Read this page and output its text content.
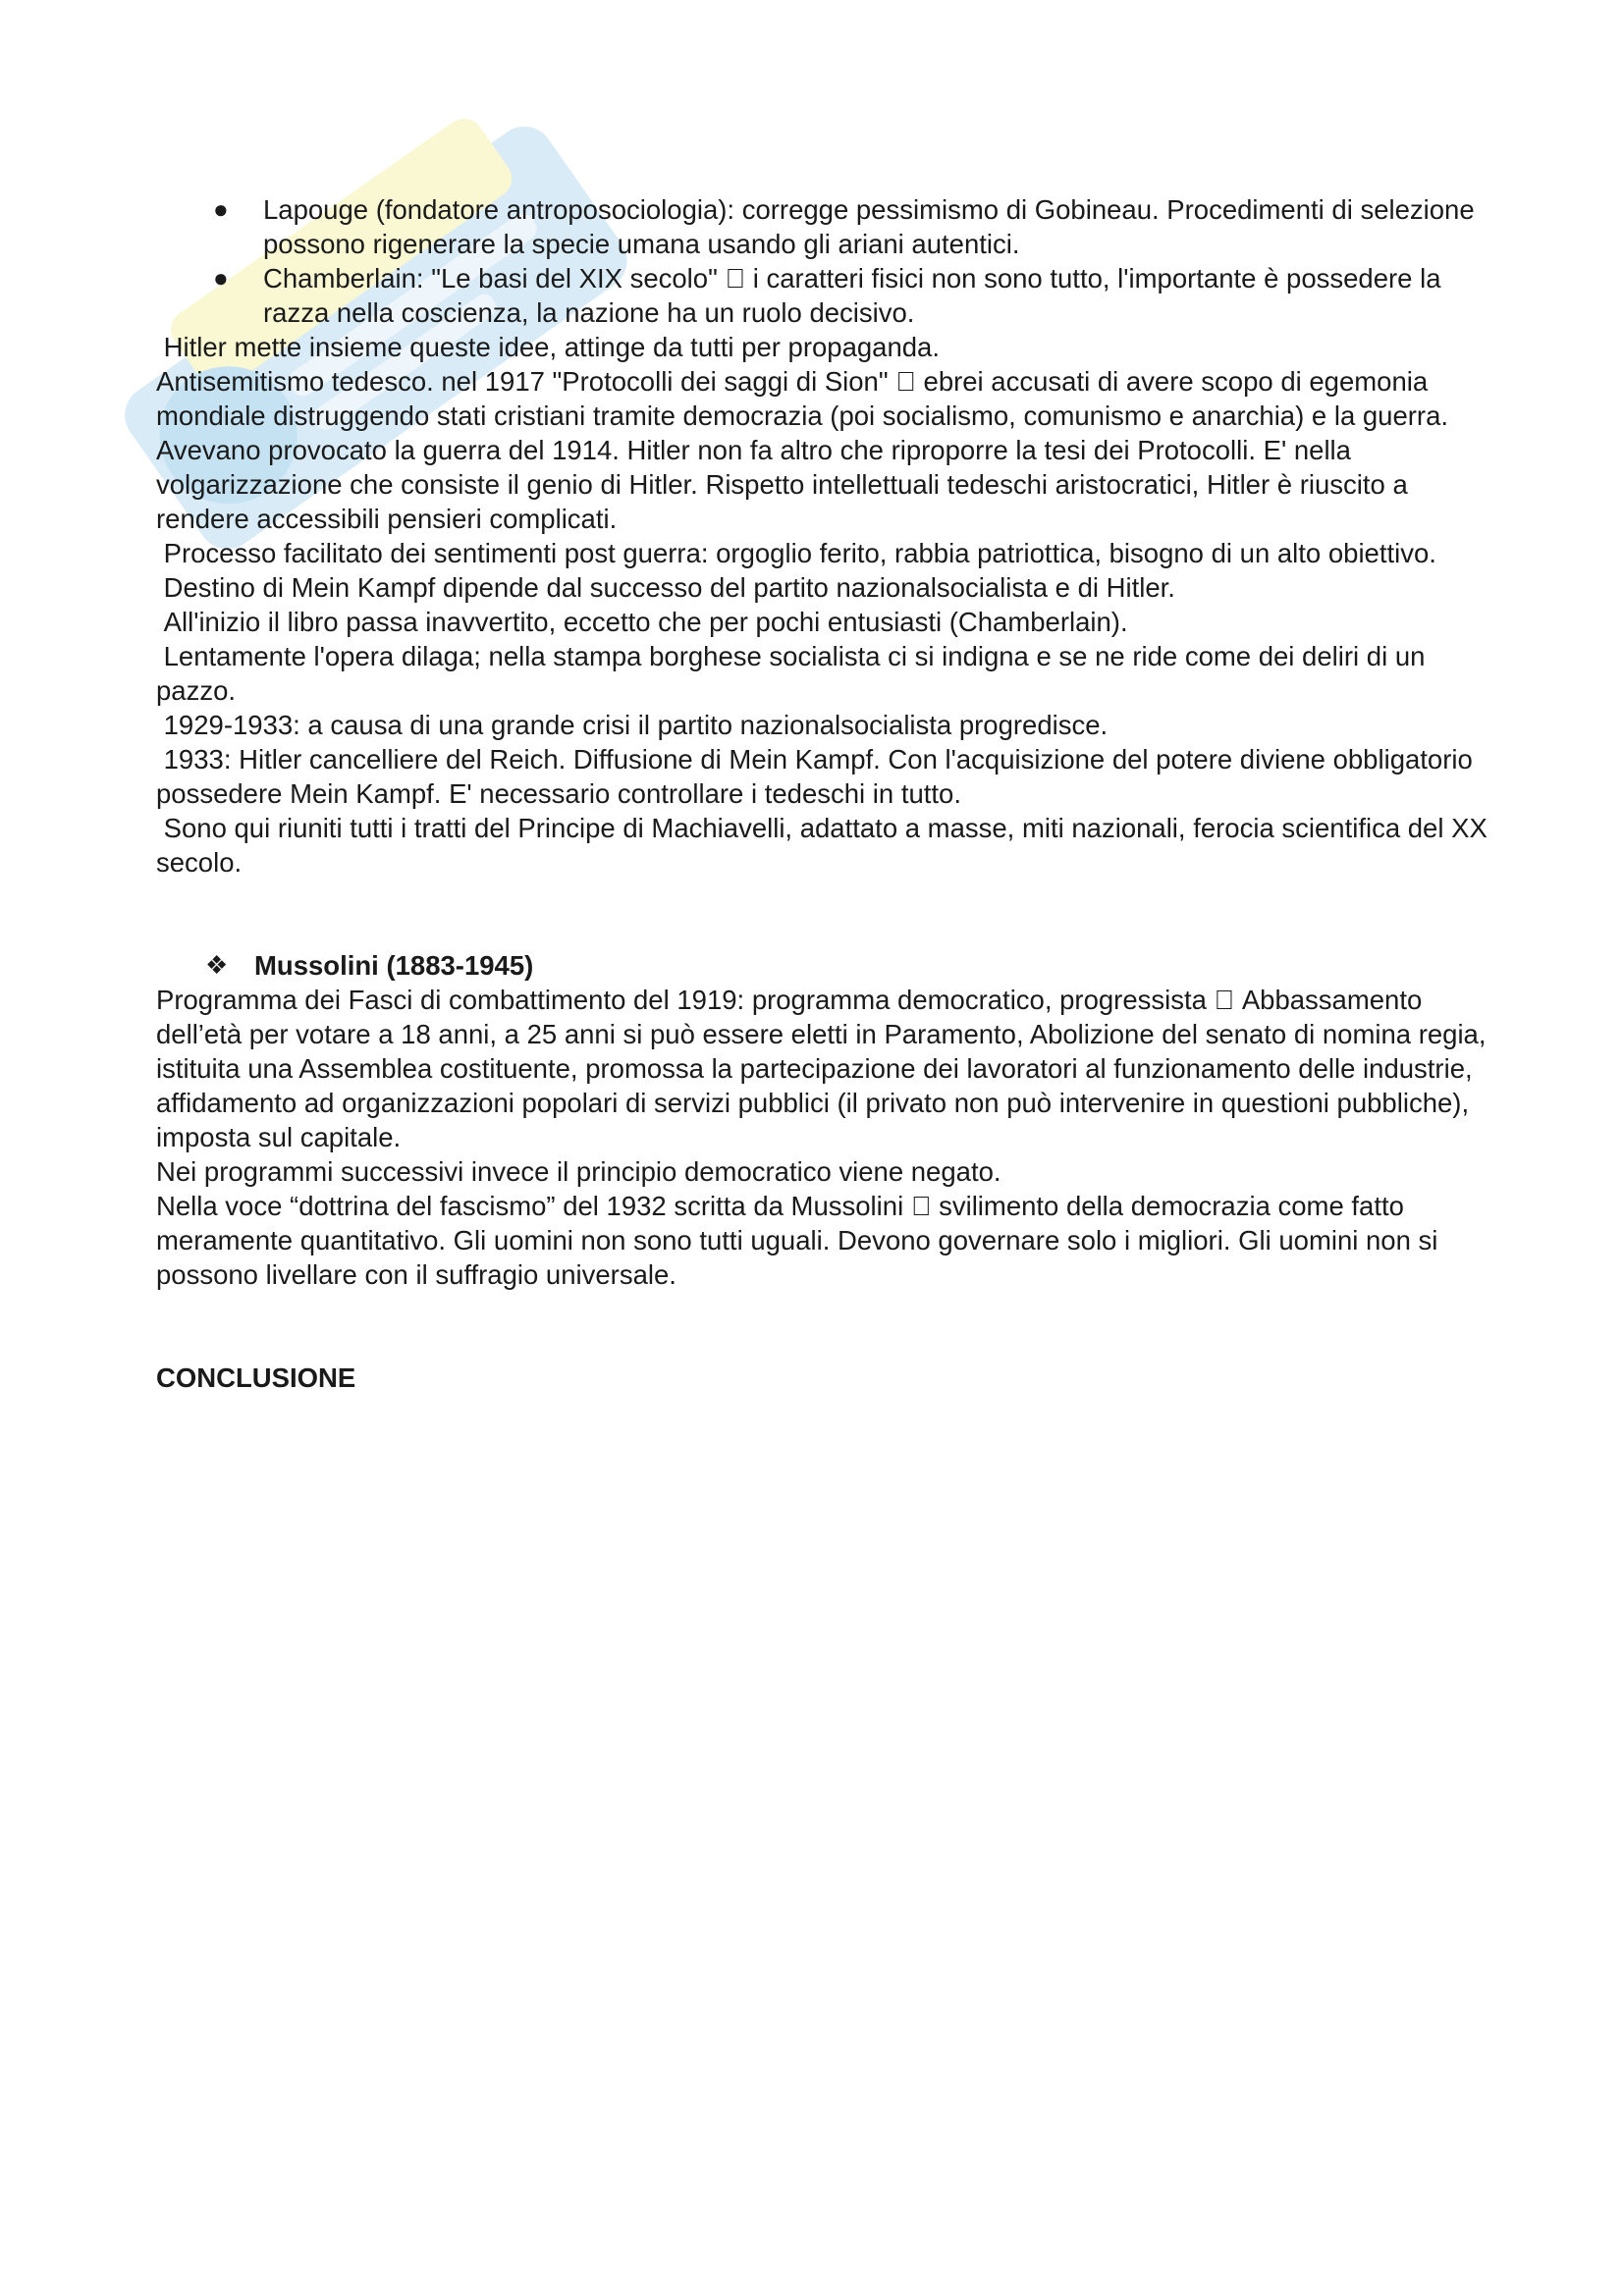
● Lapouge (fondatore antroposociologia): corregge pessimismo di Gobineau. Procedimenti di selezione possono rigenerare la specie umana usando gli ariani autentici.
● Chamberlain: "Le basi del XIX secolo" i caratteri fisici non sono tutto, l'importante è possedere la razza nella coscienza, la nazione ha un ruolo decisivo.

Hitler mette insieme queste idee, attinge da tutti per propaganda.

Antisemitismo tedesco. nel 1917 "Protocolli dei saggi di Sion"   ebrei accusati di avere scopo di egemonia mondiale distruggendo stati cristiani tramite democrazia (poi socialismo, comunismo e anarchia) e la guerra. Avevano provocato la guerra del 1914. Hitler non fa altro che riproporre la tesi dei Protocolli. E' nella volgarizzazione che consiste il genio di Hitler. Rispetto intellettuali tedeschi aristocratici, Hitler è riuscito a rendere accessibili pensieri complicati.

Processo facilitato dei sentimenti post guerra: orgoglio ferito, rabbia patriottica, bisogno di un alto obiettivo.

Destino di Mein Kampf dipende dal successo del partito nazionalsocialista e di Hitler.

All'inizio il libro passa inavvertito, eccetto che per pochi entusiasti (Chamberlain).

Lentamente l'opera dilaga; nella stampa borghese socialista ci si indigna e se ne ride come dei deliri di un pazzo.

1929-1933: a causa di una grande crisi il partito nazionalsocialista progredisce.

1933: Hitler cancelliere del Reich. Diffusione di Mein Kampf. Con l'acquisizione del potere diviene obbligatorio possedere Mein Kampf. E' necessario controllare i tedeschi in tutto.

Sono qui riuniti tutti i tratti del Principe di Machiavelli, adattato a masse, miti nazionali, ferocia scientifica del XX secolo.

❖ Mussolini (1883-1945)

Programma dei Fasci di combattimento del 1919: programma democratico, progressista   Abbassamento dell’età per votare a 18 anni, a 25 anni si può essere eletti in Paramento, Abolizione del senato di nomina regia, istituita una Assemblea costituente, promossa la partecipazione dei lavoratori al funzionamento delle industrie, affidamento ad organizzazioni popolari di servizi pubblici (il privato non può intervenire in questioni pubbliche), imposta sul capitale.

Nei programmi successivi invece il principio democratico viene negato.

Nella voce “dottrina del fascismo” del 1932 scritta da Mussolini   svilimento della democrazia come fatto meramente quantitativo. Gli uomini non sono tutti uguali. Devono governare solo i migliori. Gli uomini non si possono livellare con il suffragio universale.

CONCLUSIONE
